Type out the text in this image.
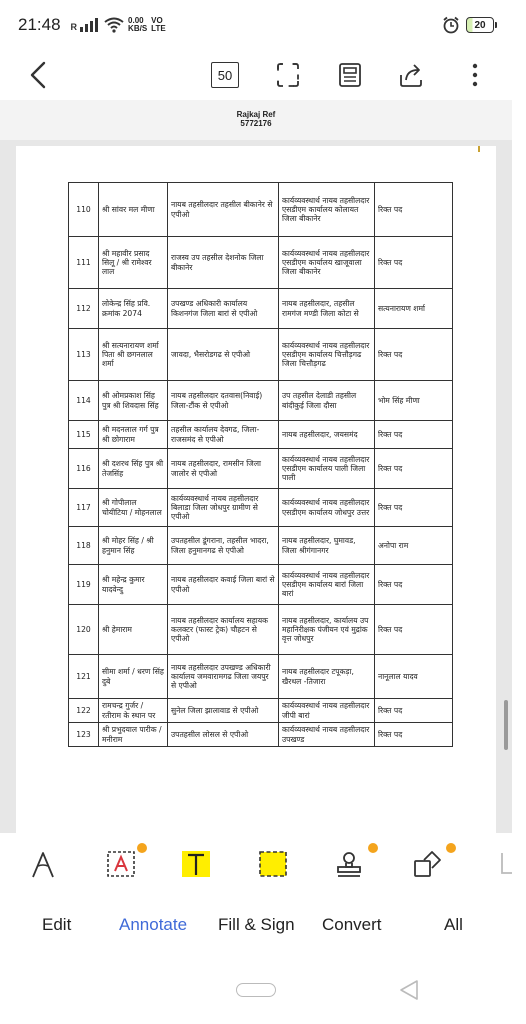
21:48 R
0.00
KB/S
VO
LTE	20
50
Rajkaj Ref
5772176
110	श्री सांवर मल मीणा	नायब तहसीलदार तहसील बीकानेर से एपीओ	कार्यव्यवस्थार्थ नायब तहसीलदार एसडीएम कार्यालय कोलायत जिला बीकानेर	रिक्त पद
111	श्री महावीर प्रसाद सिलू / श्री रामेश्वर लाल	राजस्व उप तहसील देशनोक जिला बीकानेर	कार्यव्यवस्थार्थ नायब तहसीलदार एसडीएम कार्यालय खाजूवाला जिला बीकानेर	रिक्त पद
112	लोकेन्द्र सिंह प्रवि. क्रमांक 2074	उपखण्ड अधिकारी कार्यालय किशनगंज जिला बारां से एपीओ	नायब तहसीलदार, तहसील रामगंज मण्डी जिला कोटा से	सत्यनारायण शर्मा
113	श्री सत्यनारायण शर्मा पिता श्री छगनलाल शर्मा	जावदा, भैसरोडगढ से एपीओ	कार्यव्यवस्थार्थ नायब तहसीलदार एसडीएम कार्यालय चित्तौड़गढ जिला चित्तौड़गढ	रिक्त पद
114	श्री ओमप्रकाश सिंह पुत्र श्री शिवदास सिंह	नायब तहसीलदार दतवास(निवाई) जिला-टौंक से एपीओ	उप तहसील देलाडी तहसील बांदीकुई जिला दौसा	भोम सिंह मीणा
115	श्री मदनलाल गर्ग पुत्र श्री छोगाराम	तहसील कार्यालय देवगढ, जिला-राजसमंद से एपीओ	नायब तहसीलदार, जयसमंद	रिक्त पद
116	श्री दशरथ सिंह पुत्र श्री तेजसिंह	नायब तहसीलदार, रामसीन जिला जालोर से एपीओ	कार्यव्यवस्थार्थ नायब तहसीलदार एसडीएम कार्यालय पाली जिला पाली	रिक्त पद
117	श्री गोपीलाल चोयीटिया / मोहनलाल	कार्यव्यवस्थार्थ नायब तहसीलदार बिलाडा जिला जोधपुर ग्रामीण से एपीओ	कार्यव्यवस्थार्थ नायब तहसीलदार एसडीएम कार्यालय जोधपुर उत्तर	रिक्त पद
118	श्री मोहर सिंह / श्री हनुमान सिंह	उपतहसील डूंगराना, तहसील भादरा, जिला हनुमानगढ से एपीओ	नायब तहसीलदार, घुमावड, जिला श्रीगंगानगर	अनोपा राम
119	श्री महेन्द्र कुमार यादवेन्दु	नायब तहसीलदार कवाई जिला बारां से एपीओ	कार्यव्यवस्थार्थ नायब तहसीलदार एसडीएम कार्यालय बारां जिला बारां	रिक्त पद
120	श्री हेमाराम	नायब तहसीलदार कार्यालय सहायक कलक्टर (फास्ट ट्रेक) चौहटन से एपीओ	नायब तहसीलदार, कार्यालय उप महानिरीक्षक पंजीयन एवं मुद्रांक वृत्त जोधपुर	रिक्त पद
121	सीमा शर्मा / धरण सिंह दुबे	नायब तहसीलदार उपखण्ड अधिकारी कार्यालय जमवारामगढ जिला जयपुर से एपीओ	नायब तहसीलदार टपूकड़ा, खैरथल -तिजारा	नानूलाल यादव
122	रामचन्द्र गुर्जर / रतीराम के स्थान पर	सुनेल जिला झालावाड से एपीओ	कार्यव्यवस्थार्थ नायब तहसीलदार जीपी बारां	रिक्त पद
123	श्री प्रभुदयाल पारीक / मनीराम	उपतहसील लोसल से एपीओ	कार्यव्यवस्थार्थ नायब तहसीलदार उपखण्ड	रिक्त पद
Edit	Annotate Fill & Sign Convert	All
